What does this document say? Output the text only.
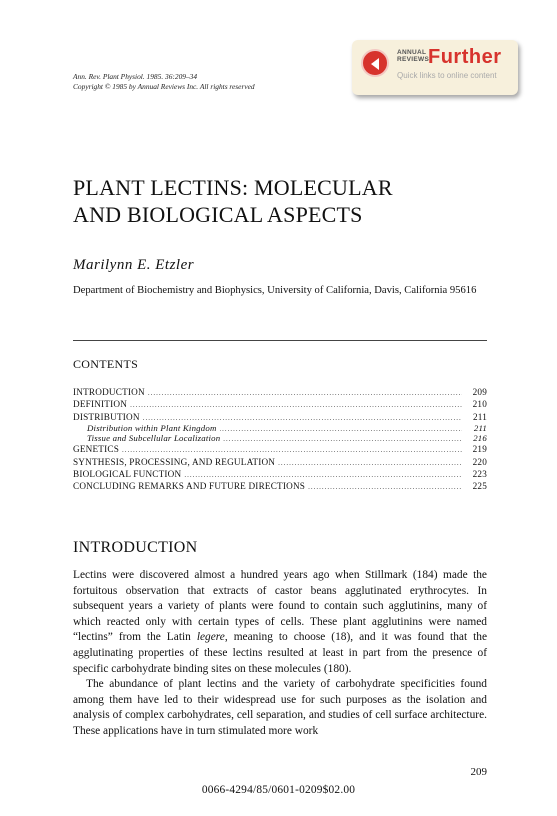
Ann. Rev. Plant Physiol. 1985. 36:209–34
Copyright © 1985 by Annual Reviews Inc. All rights reserved
ANNUAL
REVIEWS
Further
Quick links to online content
PLANT LECTINS: MOLECULAR
AND BIOLOGICAL ASPECTS
Marilynn E. Etzler
Department of Biochemistry and Biophysics, University of California, Davis, California 95616
CONTENTS
INTRODUCTION .....	209
DEFINITION .....	210
DISTRIBUTION .....	211
Distribution within Plant Kingdom .....	211
Tissue and Subcellular Localization .....	216
GENETICS .....	219
SYNTHESIS, PROCESSING, AND REGULATION .....	220
BIOLOGICAL FUNCTION .....	223
CONCLUDING REMARKS AND FUTURE DIRECTIONS .....	225
INTRODUCTION

Lectins were discovered almost a hundred years ago when Stillmark (184) made the fortuitous observation that extracts of castor beans agglutinated erythrocytes. In subsequent years a variety of plants were found to contain such agglutinins, many of which reacted only with certain types of cells. These plant agglutinins were named “lectins” from the Latin legere, meaning to choose (18), and it was found that the agglutinating properties of these lectins resulted at least in part from the presence of specific carbohydrate binding sites on these molecules (180).

The abundance of plant lectins and the variety of carbohydrate specificities found among them have led to their widespread use for such purposes as the isolation and analysis of complex carbohydrates, cell separation, and studies of cell surface architecture. These applications have in turn stimulated more work

209
0066-4294/85/0601-0209$02.00
